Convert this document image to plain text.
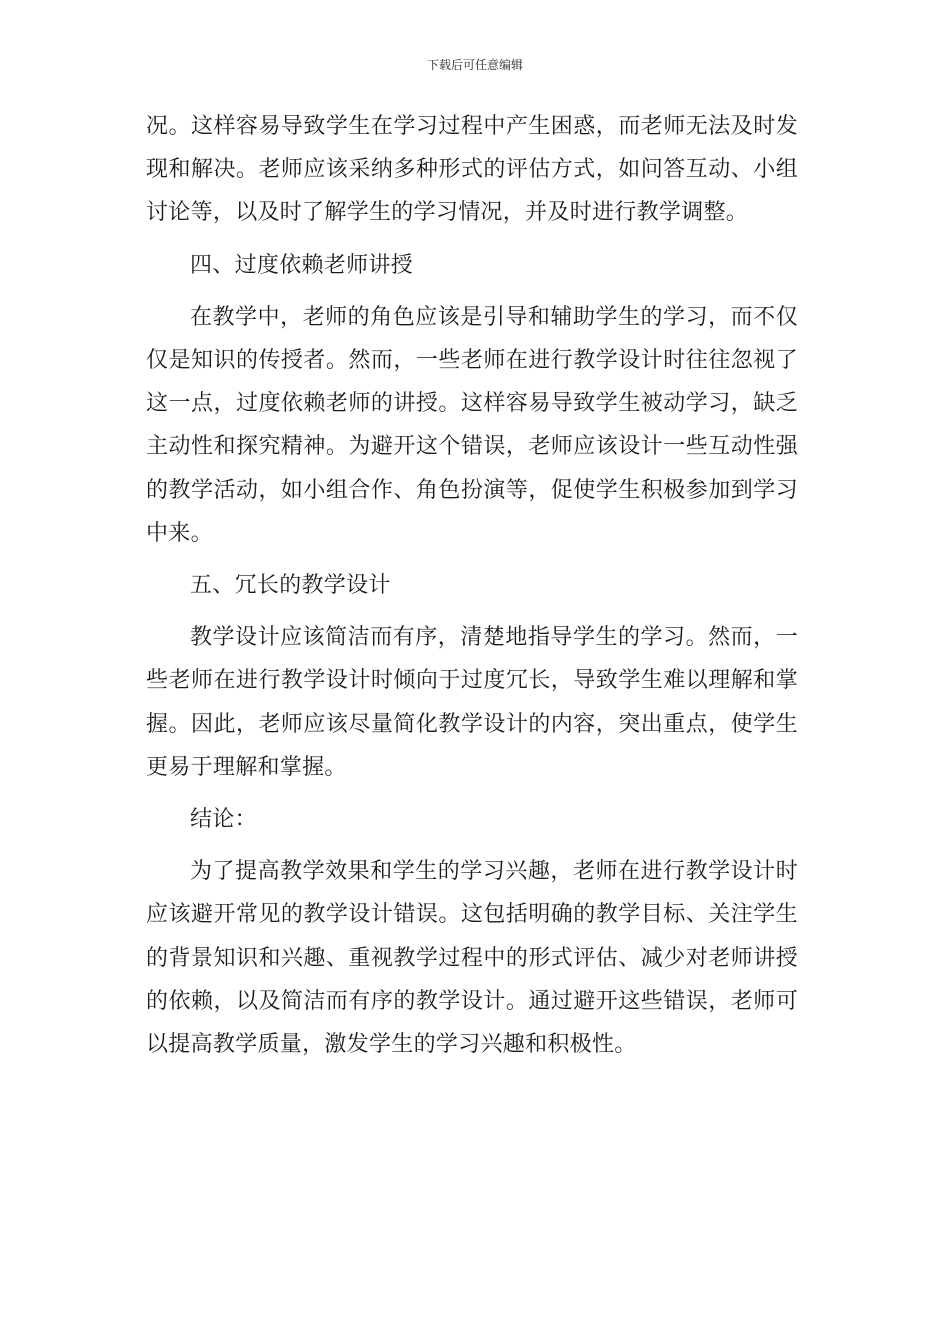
下载后可任意编辑

况。这样容易导致学生在学习过程中产生困惑，而老师无法及时发现和解决。老师应该采纳多种形式的评估方式，如问答互动、小组讨论等，以及时了解学生的学习情况，并及时进行教学调整。

四、过度依赖老师讲授

在教学中，老师的角色应该是引导和辅助学生的学习，而不仅仅是知识的传授者。然而，一些老师在进行教学设计时往往忽视了这一点，过度依赖老师的讲授。这样容易导致学生被动学习，缺乏主动性和探究精神。为避开这个错误，老师应该设计一些互动性强的教学活动，如小组合作、角色扮演等，促使学生积极参加到学习中来。

五、冗长的教学设计

教学设计应该简洁而有序，清楚地指导学生的学习。然而，一些老师在进行教学设计时倾向于过度冗长，导致学生难以理解和掌握。因此，老师应该尽量简化教学设计的内容，突出重点，使学生更易于理解和掌握。

结论：

为了提高教学效果和学生的学习兴趣，老师在进行教学设计时应该避开常见的教学设计错误。这包括明确的教学目标、关注学生的背景知识和兴趣、重视教学过程中的形式评估、减少对老师讲授的依赖，以及简洁而有序的教学设计。通过避开这些错误，老师可以提高教学质量，激发学生的学习兴趣和积极性。
